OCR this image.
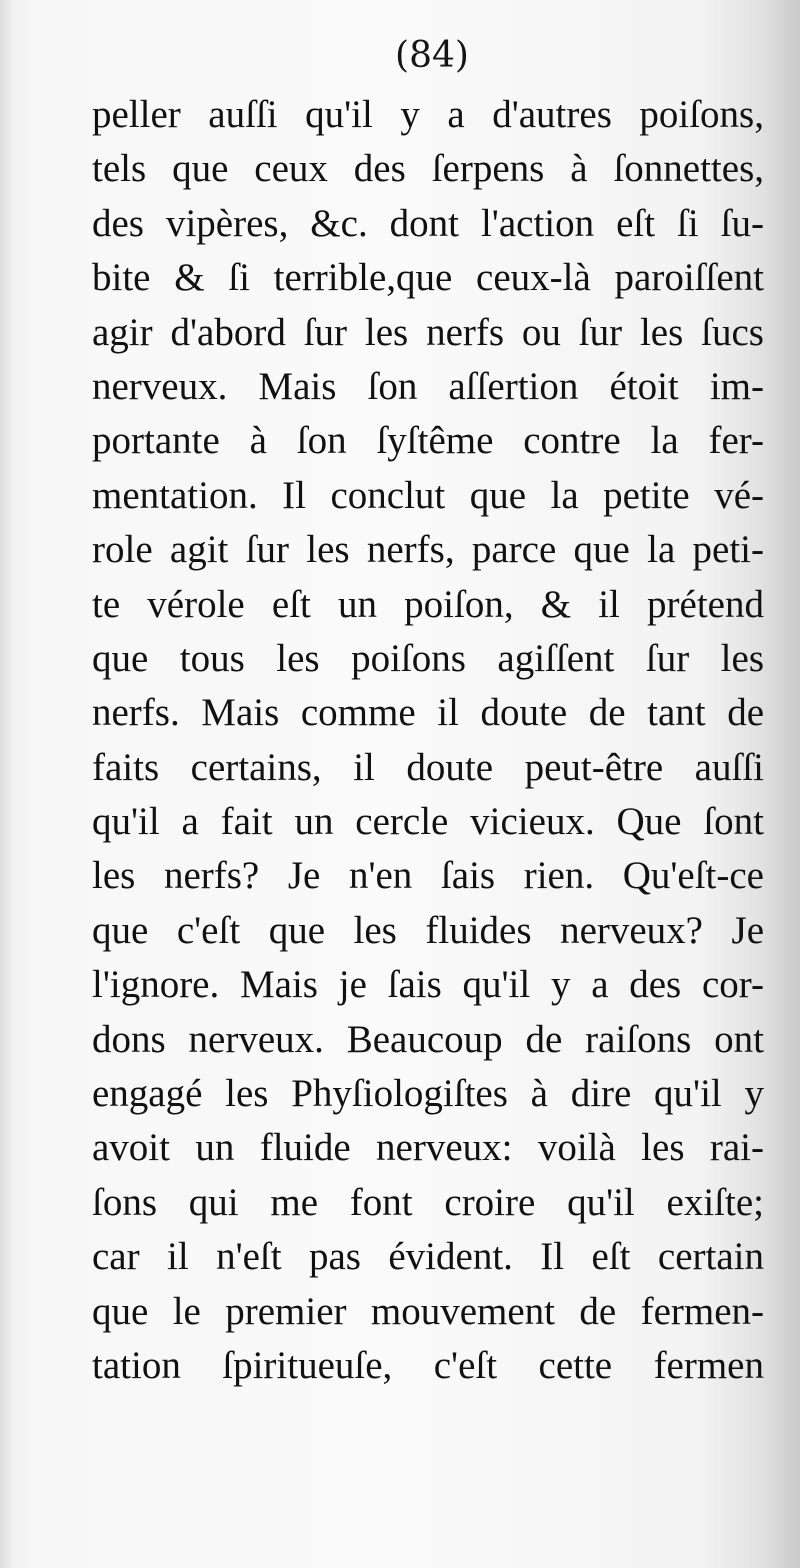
(84)
peller auſſi qu'il y a d'autres poiſons,
tels que ceux des ſerpens à ſonnettes,
des vipères, &c. dont l'action eſt ſi ſu-
bite & ſi terrible,que ceux-là paroiſſent
agir d'abord ſur les nerfs ou ſur les ſucs
nerveux. Mais ſon aſſertion étoit im-
portante à ſon ſyſtême contre la fer-
mentation. Il conclut que la petite vé-
role agit ſur les nerfs, parce que la peti-
te vérole eſt un poiſon, & il prétend
que tous les poiſons agiſſent ſur les
nerfs. Mais comme il doute de tant de
faits certains, il doute peut-être auſſi
qu'il a fait un cercle vicieux. Que ſont
les nerfs? Je n'en ſais rien. Qu'eſt-ce
que c'eſt que les fluides nerveux? Je
l'ignore. Mais je ſais qu'il y a des cor-
dons nerveux. Beaucoup de raiſons ont
engagé les Phyſiologiſtes à dire qu'il y
avoit un fluide nerveux: voilà les rai-
ſons qui me font croire qu'il exiſte;
car il n'eſt pas évident. Il eſt certain
que le premier mouvement de fermen-
tation ſpiritueuſe, c'eſt cette fermen
